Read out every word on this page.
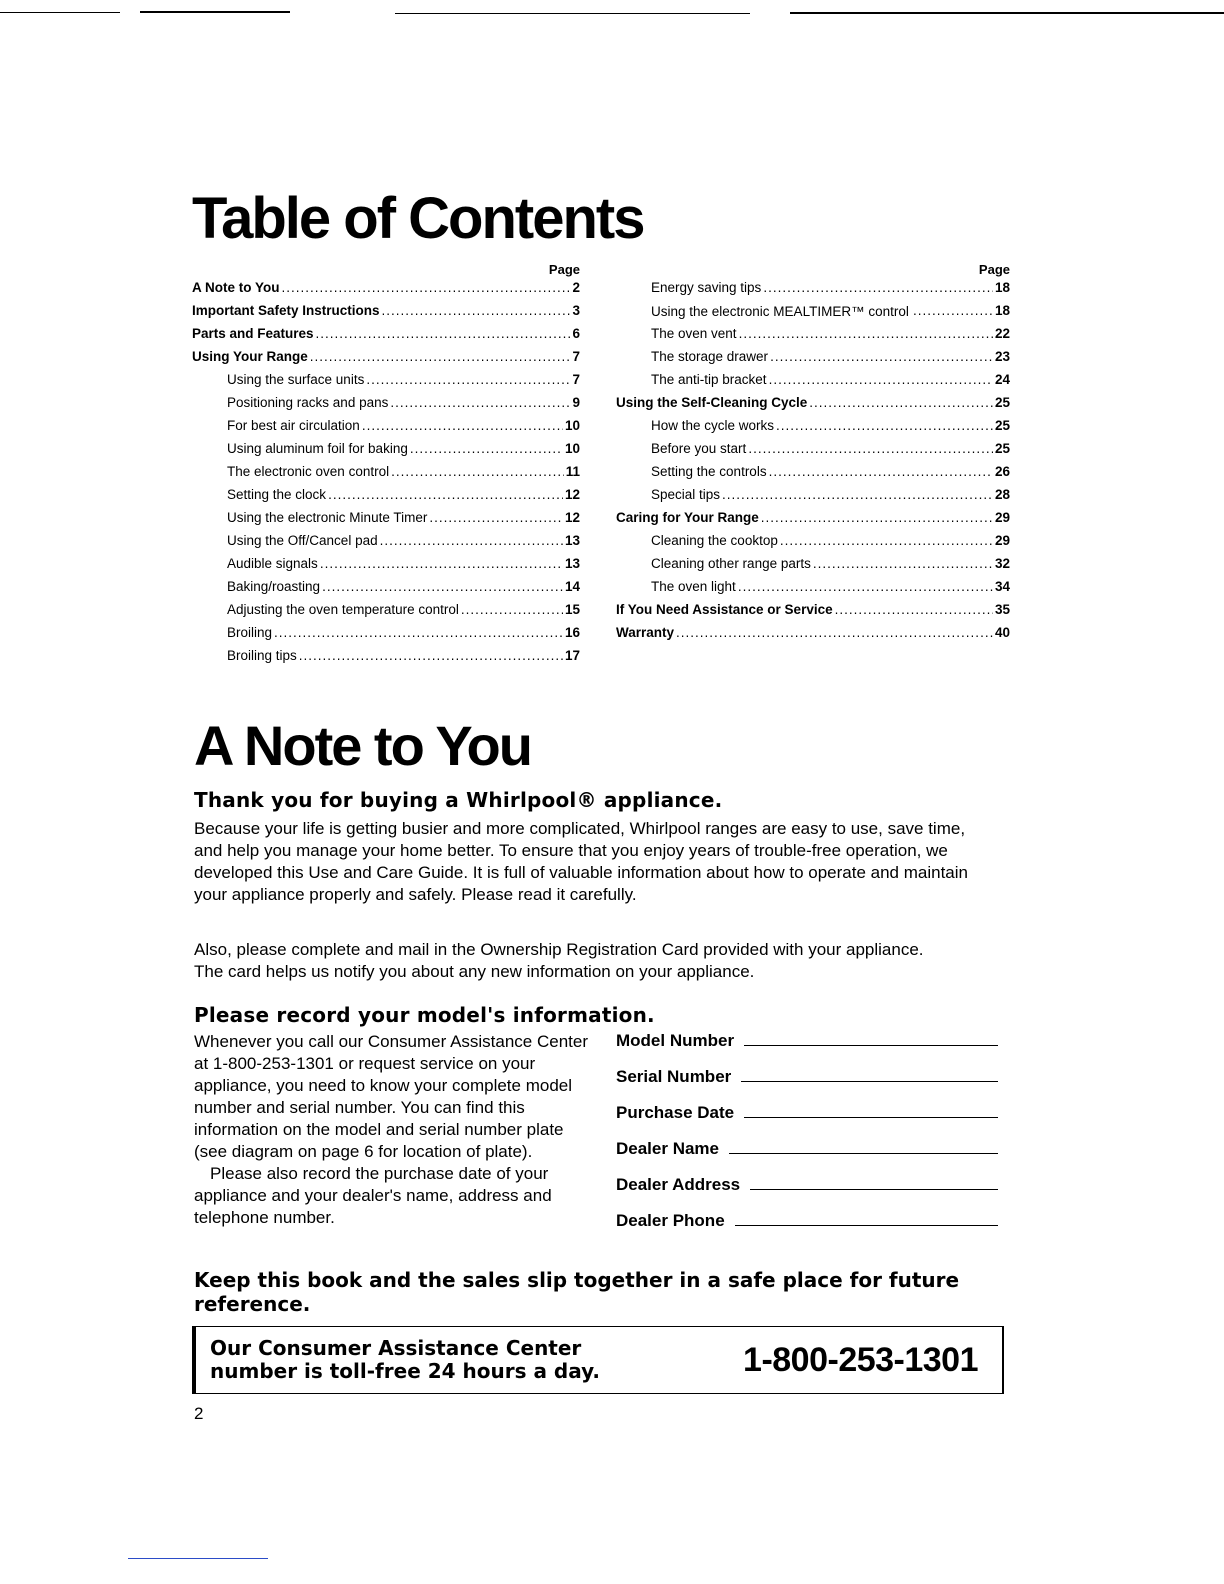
Table of Contents
Page
A Note to You .....	2
Important Safety Instructions .....	3
Parts and Features .....	6
Using Your Range .....	7
Using the surface units .....	7
Positioning racks and pans .....	9
For best air circulation .....	10
Using aluminum foil for baking .....	10
The electronic oven control .....	11
Setting the clock .....	12
Using the electronic Minute Timer .....	12
Using the Off/Cancel pad .....	13
Audible signals .....	13
Baking/roasting .....	14
Adjusting the oven temperature control .....	15
Broiling .....	16
Broiling tips .....	17
Page
Energy saving tips .....	18
Using the electronic MEALTIMER™ control .....	18
The oven vent .....	22
The storage drawer .....	23
The anti-tip bracket .....	24
Using the Self-Cleaning Cycle .....	25
How the cycle works .....	25
Before you start .....	25
Setting the controls .....	26
Special tips .....	28
Caring for Your Range .....	29
Cleaning the cooktop .....	29
Cleaning other range parts .....	32
The oven light .....	34
If You Need Assistance or Service .....	35
Warranty .....	40
A Note to You
Thank you for buying a Whirlpool® appliance.

Because your life is getting busier and more complicated, Whirlpool ranges are easy to use, save time, and help you manage your home better. To ensure that you enjoy years of trouble-free operation, we developed this Use and Care Guide. It is full of valuable information about how to operate and maintain your appliance properly and safely. Please read it carefully.

Also, please complete and mail in the Ownership Registration Card provided with your appliance. The card helps us notify you about any new information on your appliance.

Please record your model's information.

Whenever you call our Consumer Assistance Center at 1-800-253-1301 or request service on your appliance, you need to know your complete model number and serial number. You can find this information on the model and serial number plate (see diagram on page 6 for location of plate).
Please also record the purchase date of your appliance and your dealer's name, address and telephone number.

Model Number
Serial Number
Purchase Date
Dealer Name
Dealer Address
Dealer Phone

Keep this book and the sales slip together in a safe place for future reference.

Our Consumer Assistance Center number is toll-free 24 hours a day.	1-800-253-1301

2
